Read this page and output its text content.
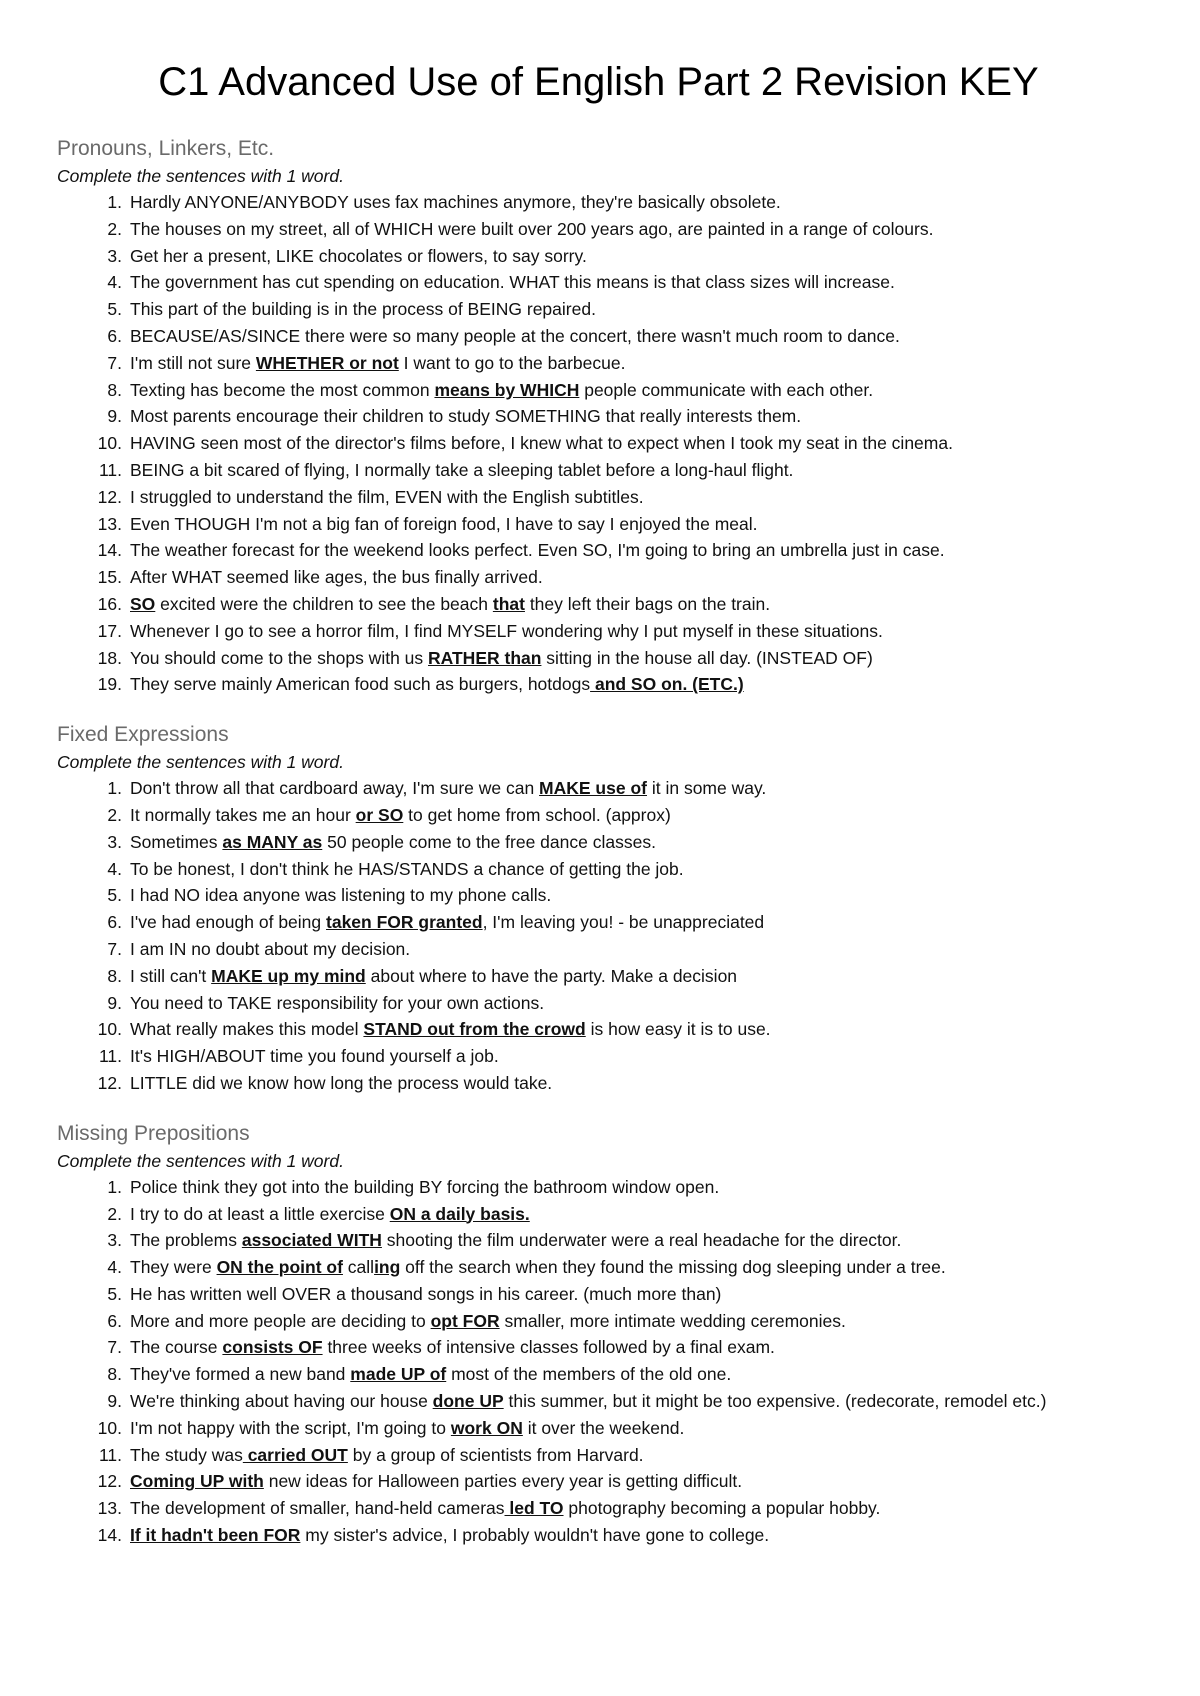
C1 Advanced Use of English Part 2 Revision KEY
Pronouns, Linkers, Etc.

Complete the sentences with 1 word.

1. Hardly ANYONE/ANYBODY uses fax machines anymore, they're basically obsolete.
2. The houses on my street, all of WHICH were built over 200 years ago, are painted in a range of colours.
3. Get her a present, LIKE chocolates or flowers, to say sorry.
4. The government has cut spending on education. WHAT this means is that class sizes will increase.
5. This part of the building is in the process of BEING repaired.
6. BECAUSE/AS/SINCE there were so many people at the concert, there wasn't much room to dance.
7. I'm still not sure WHETHER or not I want to go to the barbecue.
8. Texting has become the most common means by WHICH people communicate with each other.
9. Most parents encourage their children to study SOMETHING that really interests them.
10. HAVING seen most of the director's films before, I knew what to expect when I took my seat in the cinema.
11. BEING a bit scared of flying, I normally take a sleeping tablet before a long-haul flight.
12. I struggled to understand the film, EVEN with the English subtitles.
13. Even THOUGH I'm not a big fan of foreign food, I have to say I enjoyed the meal.
14. The weather forecast for the weekend looks perfect. Even SO, I'm going to bring an umbrella just in case.
15. After WHAT seemed like ages, the bus finally arrived.
16. SO excited were the children to see the beach that they left their bags on the train.
17. Whenever I go to see a horror film, I find MYSELF wondering why I put myself in these situations.
18. You should come to the shops with us RATHER than sitting in the house all day. (INSTEAD OF)
19. They serve mainly American food such as burgers, hotdogs and SO on. (ETC.)
Fixed Expressions

Complete the sentences with 1 word.

1. Don't throw all that cardboard away, I'm sure we can MAKE use of it in some way.
2. It normally takes me an hour or SO to get home from school. (approx)
3. Sometimes as MANY as 50 people come to the free dance classes.
4. To be honest, I don't think he HAS/STANDS a chance of getting the job.
5. I had NO idea anyone was listening to my phone calls.
6. I've had enough of being taken FOR granted, I'm leaving you! - be unappreciated
7. I am IN no doubt about my decision.
8. I still can't MAKE up my mind about where to have the party. Make a decision
9. You need to TAKE responsibility for your own actions.
10. What really makes this model STAND out from the crowd is how easy it is to use.
11. It's HIGH/ABOUT time you found yourself a job.
12. LITTLE did we know how long the process would take.
Missing Prepositions

Complete the sentences with 1 word.

1. Police think they got into the building BY forcing the bathroom window open.
2. I try to do at least a little exercise ON a daily basis.
3. The problems associated WITH shooting the film underwater were a real headache for the director.
4. They were ON the point of calling off the search when they found the missing dog sleeping under a tree.
5. He has written well OVER a thousand songs in his career. (much more than)
6. More and more people are deciding to opt FOR smaller, more intimate wedding ceremonies.
7. The course consists OF three weeks of intensive classes followed by a final exam.
8. They've formed a new band made UP of most of the members of the old one.
9. We're thinking about having our house done UP this summer, but it might be too expensive. (redecorate, remodel etc.)
10. I'm not happy with the script, I'm going to work ON it over the weekend.
11. The study was carried OUT by a group of scientists from Harvard.
12. Coming UP with new ideas for Halloween parties every year is getting difficult.
13. The development of smaller, hand-held cameras led TO photography becoming a popular hobby.
14. If it hadn't been FOR my sister's advice, I probably wouldn't have gone to college.
